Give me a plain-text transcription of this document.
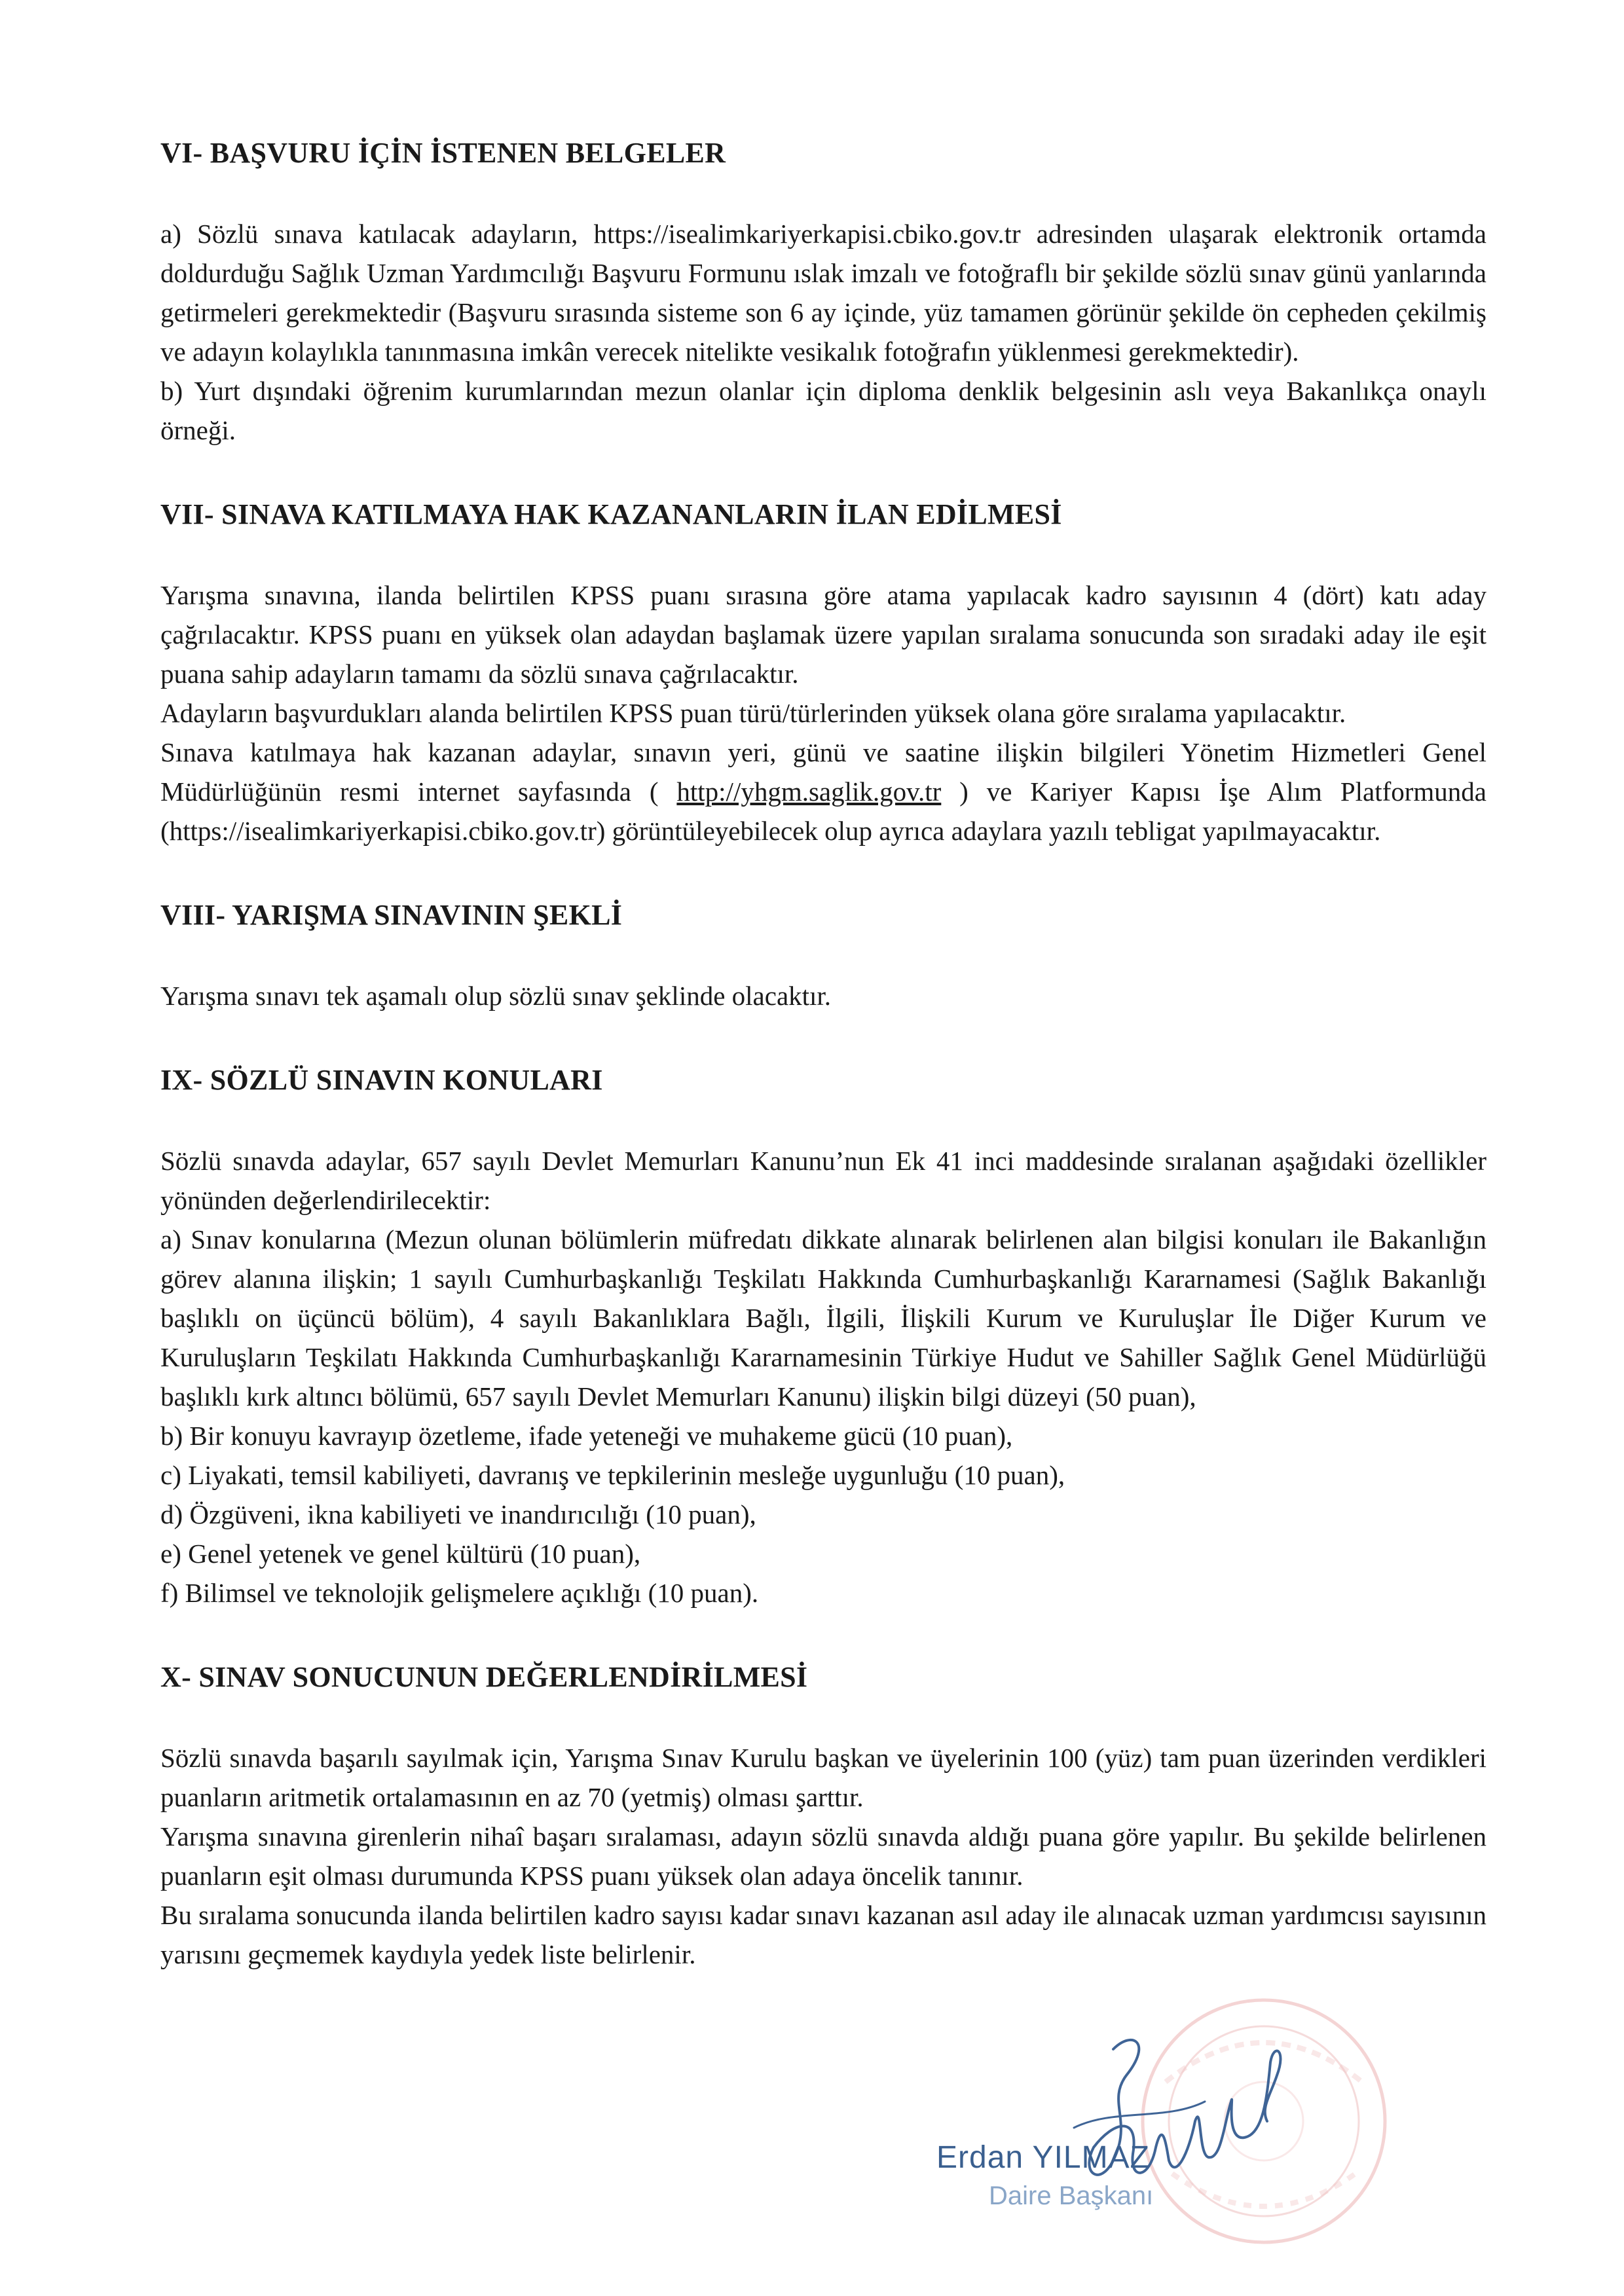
VI- BAŞVURU İÇİN İSTENEN BELGELER

a) Sözlü sınava katılacak adayların, https://isealimkariyerkapisi.cbiko.gov.tr adresinden ulaşarak elektronik ortamda doldurduğu Sağlık Uzman Yardımcılığı Başvuru Formunu ıslak imzalı ve fotoğraflı bir şekilde sözlü sınav günü yanlarında getirmeleri gerekmektedir (Başvuru sırasında sisteme son 6 ay içinde, yüz tamamen görünür şekilde ön cepheden çekilmiş ve adayın kolaylıkla tanınmasına imkân verecek nitelikte vesikalık fotoğrafın yüklenmesi gerekmektedir).

b) Yurt dışındaki öğrenim kurumlarından mezun olanlar için diploma denklik belgesinin aslı veya Bakanlıkça onaylı örneği.

VII- SINAVA KATILMAYA HAK KAZANANLARIN İLAN EDİLMESİ

Yarışma sınavına, ilanda belirtilen KPSS puanı sırasına göre atama yapılacak kadro sayısının 4 (dört) katı aday çağrılacaktır. KPSS puanı en yüksek olan adaydan başlamak üzere yapılan sıralama sonucunda son sıradaki aday ile eşit puana sahip adayların tamamı da sözlü sınava çağrılacaktır.

Adayların başvurdukları alanda belirtilen KPSS puan türü/türlerinden yüksek olana göre sıralama yapılacaktır.

Sınava katılmaya hak kazanan adaylar, sınavın yeri, günü ve saatine ilişkin bilgileri Yönetim Hizmetleri Genel Müdürlüğünün resmi internet sayfasında ( http://yhgm.saglik.gov.tr ) ve Kariyer Kapısı İşe Alım Platformunda (https://isealimkariyerkapisi.cbiko.gov.tr) görüntüleyebilecek olup ayrıca adaylara yazılı tebligat yapılmayacaktır.

VIII- YARIŞMA SINAVININ ŞEKLİ

Yarışma sınavı tek aşamalı olup sözlü sınav şeklinde olacaktır.

IX- SÖZLÜ SINAVIN KONULARI

Sözlü sınavda adaylar, 657 sayılı Devlet Memurları Kanunu’nun Ek 41 inci maddesinde sıralanan aşağıdaki özellikler yönünden değerlendirilecektir:

a) Sınav konularına (Mezun olunan bölümlerin müfredatı dikkate alınarak belirlenen alan bilgisi konuları ile Bakanlığın görev alanına ilişkin; 1 sayılı Cumhurbaşkanlığı Teşkilatı Hakkında Cumhurbaşkanlığı Kararnamesi (Sağlık Bakanlığı başlıklı on üçüncü bölüm), 4 sayılı Bakanlıklara Bağlı, İlgili, İlişkili Kurum ve Kuruluşlar İle Diğer Kurum ve Kuruluşların Teşkilatı Hakkında Cumhurbaşkanlığı Kararnamesinin Türkiye Hudut ve Sahiller Sağlık Genel Müdürlüğü başlıklı kırk altıncı bölümü, 657 sayılı Devlet Memurları Kanunu) ilişkin bilgi düzeyi (50 puan),

b) Bir konuyu kavrayıp özetleme, ifade yeteneği ve muhakeme gücü (10 puan),

c) Liyakati, temsil kabiliyeti, davranış ve tepkilerinin mesleğe uygunluğu (10 puan),

d) Özgüveni, ikna kabiliyeti ve inandırıcılığı (10 puan),

e) Genel yetenek ve genel kültürü (10 puan),

f) Bilimsel ve teknolojik gelişmelere açıklığı (10 puan).

X- SINAV SONUCUNUN DEĞERLENDİRİLMESİ

Sözlü sınavda başarılı sayılmak için, Yarışma Sınav Kurulu başkan ve üyelerinin 100 (yüz) tam puan üzerinden verdikleri puanların aritmetik ortalamasının en az 70 (yetmiş) olması şarttır.

Yarışma sınavına girenlerin nihaî başarı sıralaması, adayın sözlü sınavda aldığı puana göre yapılır. Bu şekilde belirlenen puanların eşit olması durumunda KPSS puanı yüksek olan adaya öncelik tanınır.

Bu sıralama sonucunda ilanda belirtilen kadro sayısı kadar sınavı kazanan asıl aday ile alınacak uzman yardımcısı sayısının yarısını geçmemek kaydıyla yedek liste belirlenir.

Erdan YILMAZ
Daire Başkanı
